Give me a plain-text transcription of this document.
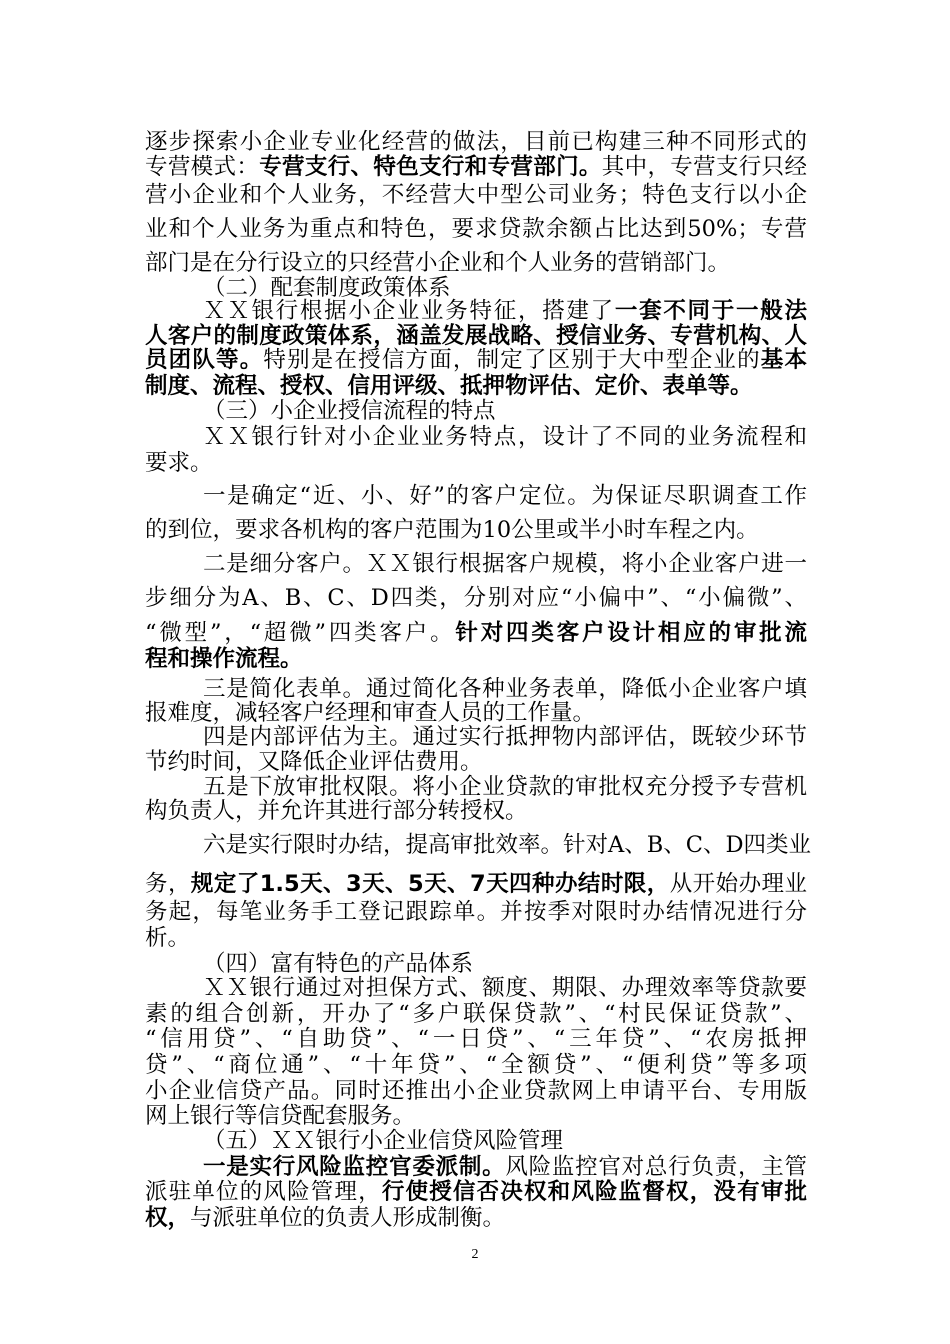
逐步探索小企业专业化经营的做法，目前已构建三种不同形式的
专营模式：专营支行、特色支行和专营部门。其中，专营支行只经
营小企业和个人业务，不经营大中型公司业务；特色支行以小企
业和个人业务为重点和特色，要求贷款余额占比达到50%；专营
部门是在分行设立的只经营小企业和个人业务的营销部门。
（二）配套制度政策体系
ＸＸ银行根据小企业业务特征，搭建了一套不同于一般法
人客户的制度政策体系，涵盖发展战略、授信业务、专营机构、人
员团队等。特别是在授信方面，制定了区别于大中型企业的基本
制度、流程、授权、信用评级、抵押物评估、定价、表单等。
（三）小企业授信流程的特点
ＸＸ银行针对小企业业务特点，设计了不同的业务流程和
要求。
一是确定“近、小、好”的客户定位。为保证尽职调查工作
的到位，要求各机构的客户范围为10公里或半小时车程之内。
二是细分客户。ＸＸ银行根据客户规模，将小企业客户进一
步细分为A、B、C、D四类，分别对应“小偏中”、“小偏微”、
“微型”，“超微”四类客户。针对四类客户设计相应的审批流
程和操作流程。
三是简化表单。通过简化各种业务表单，降低小企业客户填
报难度，减轻客户经理和审查人员的工作量。
四是内部评估为主。通过实行抵押物内部评估，既较少环节
节约时间，又降低企业评估费用。
五是下放审批权限。将小企业贷款的审批权充分授予专营机
构负责人，并允许其进行部分转授权。
六是实行限时办结，提高审批效率。针对A、B、C、D四类业
务，规定了1.5天、3天、5天、7天四种办结时限，从开始办理业
务起，每笔业务手工登记跟踪单。并按季对限时办结情况进行分
析。
（四）富有特色的产品体系
ＸＸ银行通过对担保方式、额度、期限、办理效率等贷款要
素的组合创新，开办了“多户联保贷款”、“村民保证贷款”、
“信用贷”、“自助贷”、“一日贷”、“三年贷”、“农房抵押
贷”、“商位通”、“十年贷”、“全额贷”、“便利贷”等多项
小企业信贷产品。同时还推出小企业贷款网上申请平台、专用版
网上银行等信贷配套服务。
（五）ＸＸ银行小企业信贷风险管理
一是实行风险监控官委派制。风险监控官对总行负责，主管
派驻单位的风险管理，行使授信否决权和风险监督权，没有审批
权，与派驻单位的负责人形成制衡。
2
